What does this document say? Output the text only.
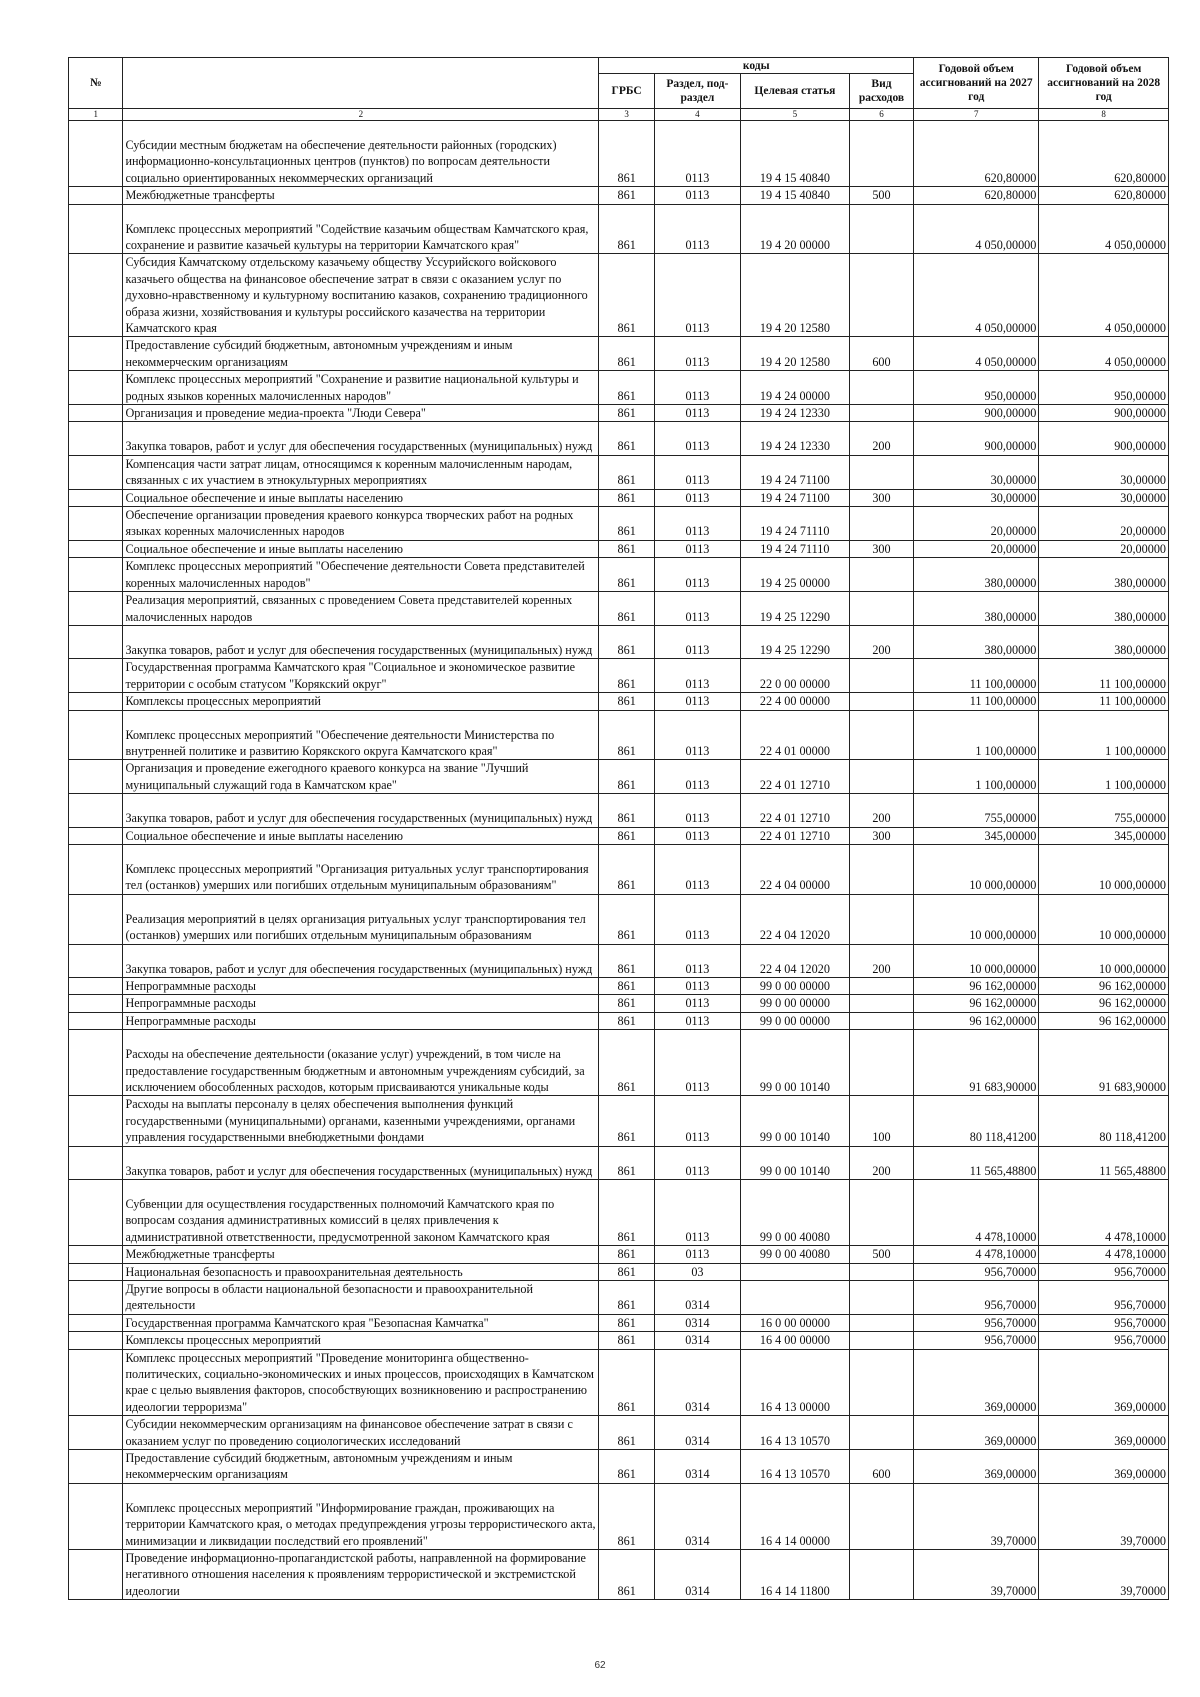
№		коды				Годовой объем ассигнований на 2027 год	Годовой объем ассигнований на 2028 год
		ГРБС	Раздел, под-раздел	Целевая статья	Вид расходов		
1	2	3	4	5	6	7	8
	Субсидии местным бюджетам на обеспечение деятельности районных (городских) информационно-консультационных центров (пунктов) по вопросам деятельности социально ориентированных некоммерческих организаций	861	0113	19 4 15 40840		620,80000	620,80000
	Межбюджетные трансферты	861	0113	19 4 15 40840	500	620,80000	620,80000
	Комплекс процессных мероприятий "Содействие казачьим обществам Камчатского края, сохранение и развитие казачьей культуры на территории Камчатского края"	861	0113	19 4 20 00000		4 050,00000	4 050,00000
	Субсидия Камчатскому отдельскому казачьему обществу Уссурийского войскового казачьего общества на финансовое обеспечение затрат в связи с оказанием услуг по духовно-нравственному и культурному воспитанию казаков, сохранению традиционного образа жизни, хозяйствования и культуры российского казачества на территории Камчатского края	861	0113	19 4 20 12580		4 050,00000	4 050,00000
	Предоставление субсидий бюджетным, автономным учреждениям и иным некоммерческим организациям	861	0113	19 4 20 12580	600	4 050,00000	4 050,00000
	Комплекс процессных мероприятий "Сохранение и развитие национальной культуры и родных языков коренных малочисленных народов"	861	0113	19 4 24 00000		950,00000	950,00000
	Организация и проведение медиа-проекта "Люди Севера"	861	0113	19 4 24 12330		900,00000	900,00000
	Закупка товаров, работ и услуг для обеспечения государственных (муниципальных) нужд	861	0113	19 4 24 12330	200	900,00000	900,00000
	Компенсация части затрат лицам, относящимся к коренным малочисленным народам, связанных с их участием в этнокультурных мероприятиях	861	0113	19 4 24 71100		30,00000	30,00000
	Социальное обеспечение и иные выплаты населению	861	0113	19 4 24 71100	300	30,00000	30,00000
	Обеспечение организации проведения краевого конкурса творческих работ на родных языках коренных малочисленных народов	861	0113	19 4 24 71110		20,00000	20,00000
	Социальное обеспечение и иные выплаты населению	861	0113	19 4 24 71110	300	20,00000	20,00000
	Комплекс процессных мероприятий "Обеспечение деятельности Совета представителей коренных малочисленных народов"	861	0113	19 4 25 00000		380,00000	380,00000
	Реализация мероприятий, связанных с проведением Совета представителей коренных малочисленных народов	861	0113	19 4 25 12290		380,00000	380,00000
	Закупка товаров, работ и услуг для обеспечения государственных (муниципальных) нужд	861	0113	19 4 25 12290	200	380,00000	380,00000
	Государственная программа Камчатского края "Социальное и экономическое развитие территории с особым статусом "Корякский округ"	861	0113	22 0 00 00000		11 100,00000	11 100,00000
	Комплексы процессных мероприятий	861	0113	22 4 00 00000		11 100,00000	11 100,00000
	Комплекс процессных мероприятий "Обеспечение деятельности Министерства по внутренней политике и развитию Корякского округа Камчатского края"	861	0113	22 4 01 00000		1 100,00000	1 100,00000
	Организация и проведение ежегодного краевого конкурса на звание "Лучший муниципальный служащий года в Камчатском крае"	861	0113	22 4 01 12710		1 100,00000	1 100,00000
	Закупка товаров, работ и услуг для обеспечения государственных (муниципальных) нужд	861	0113	22 4 01 12710	200	755,00000	755,00000
	Социальное обеспечение и иные выплаты населению	861	0113	22 4 01 12710	300	345,00000	345,00000
	Комплекс процессных мероприятий "Организация ритуальных услуг транспортирования тел (останков) умерших или погибших отдельным муниципальным образованиям"	861	0113	22 4 04 00000		10 000,00000	10 000,00000
	Реализация мероприятий в целях организация ритуальных услуг транспортирования тел (останков) умерших или погибших отдельным муниципальным образованиям	861	0113	22 4 04 12020		10 000,00000	10 000,00000
	Закупка товаров, работ и услуг для обеспечения государственных (муниципальных) нужд	861	0113	22 4 04 12020	200	10 000,00000	10 000,00000
	Непрограммные расходы	861	0113	99 0 00 00000		96 162,00000	96 162,00000
	Непрограммные расходы	861	0113	99 0 00 00000		96 162,00000	96 162,00000
	Непрограммные расходы	861	0113	99 0 00 00000		96 162,00000	96 162,00000
	Расходы на обеспечение деятельности (оказание услуг) учреждений, в том числе на предоставление государственным бюджетным и автономным учреждениям субсидий, за исключением обособленных расходов, которым присваиваются уникальные коды	861	0113	99 0 00 10140		91 683,90000	91 683,90000
	Расходы на выплаты персоналу в целях обеспечения выполнения функций государственными (муниципальными) органами, казенными учреждениями, органами управления государственными внебюджетными фондами	861	0113	99 0 00 10140	100	80 118,41200	80 118,41200
	Закупка товаров, работ и услуг для обеспечения государственных (муниципальных) нужд	861	0113	99 0 00 10140	200	11 565,48800	11 565,48800
	Субвенции для осуществления государственных полномочий Камчатского края по вопросам создания административных комиссий в целях привлечения к административной ответственности, предусмотренной законом Камчатского края	861	0113	99 0 00 40080		4 478,10000	4 478,10000
	Межбюджетные трансферты	861	0113	99 0 00 40080	500	4 478,10000	4 478,10000
	Национальная безопасность и правоохранительная деятельность	861	03			956,70000	956,70000
	Другие вопросы в области национальной безопасности и правоохранительной деятельности	861	0314			956,70000	956,70000
	Государственная программа Камчатского края "Безопасная Камчатка"	861	0314	16 0 00 00000		956,70000	956,70000
	Комплексы процессных мероприятий	861	0314	16 4 00 00000		956,70000	956,70000
	Комплекс процессных мероприятий "Проведение мониторинга общественно-политических, социально-экономических и иных процессов, происходящих в Камчатском крае с целью выявления факторов, способствующих возникновению и распространению идеологии терроризма"	861	0314	16 4 13 00000		369,00000	369,00000
	Субсидии некоммерческим организациям на финансовое обеспечение затрат в связи с оказанием услуг по проведению социологических исследований	861	0314	16 4 13 10570		369,00000	369,00000
	Предоставление субсидий бюджетным, автономным учреждениям и иным некоммерческим организациям	861	0314	16 4 13 10570	600	369,00000	369,00000
	Комплекс процессных мероприятий "Информирование граждан, проживающих на территории Камчатского края, о методах предупреждения угрозы террористического акта, минимизации и ликвидации последствий его проявлений"	861	0314	16 4 14 00000		39,70000	39,70000
	Проведение информационно-пропагандистской работы, направленной на формирование негативного отношения населения к проявлениям террористической и экстремистской идеологии	861	0314	16 4 14 11800		39,70000	39,70000
62
